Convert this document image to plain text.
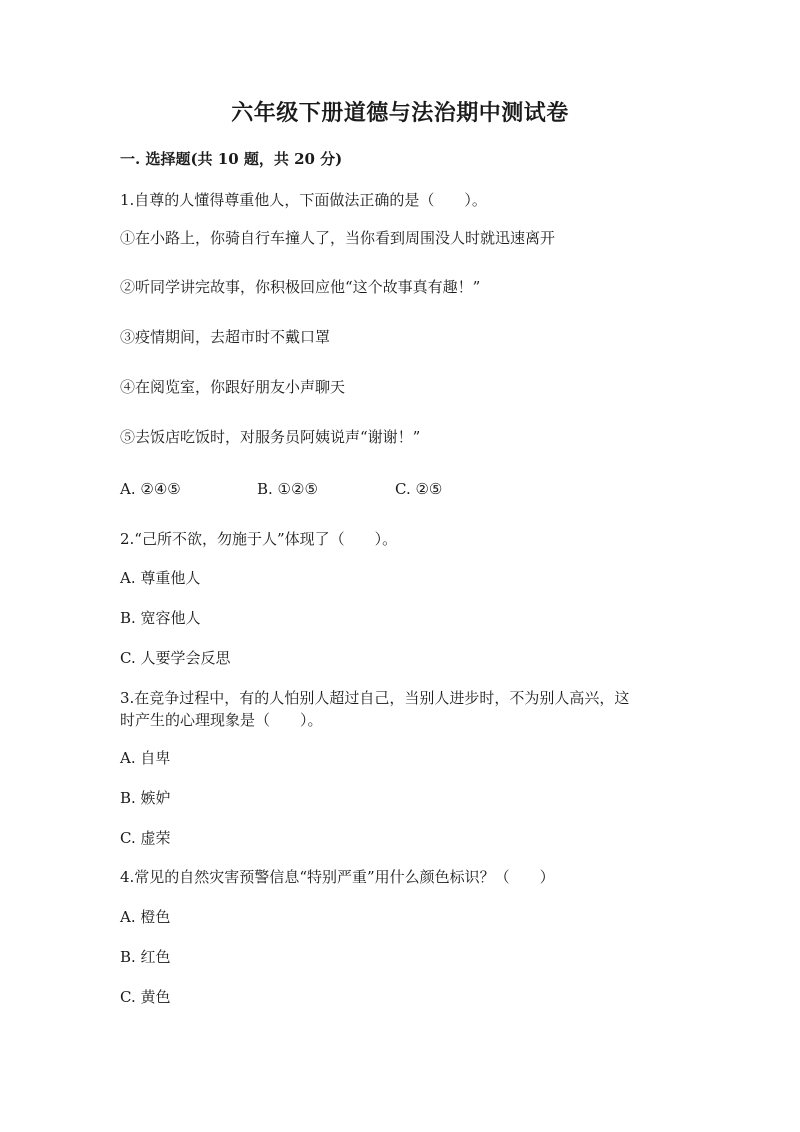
六年级下册道德与法治期中测试卷
一. 选择题(共 10 题，共 20 分)
1.自尊的人懂得尊重他人，下面做法正确的是（　　）。
①在小路上，你骑自行车撞人了，当你看到周围没人时就迅速离开
②听同学讲完故事，你积极回应他“这个故事真有趣！”
③疫情期间，去超市时不戴口罩
④在阅览室，你跟好朋友小声聊天
⑤去饭店吃饭时，对服务员阿姨说声“谢谢！”
A. ②④⑤	B. ①②⑤	C. ②⑤
2.“己所不欲，勿施于人”体现了（　　）。
A. 尊重他人
B. 宽容他人
C. 人要学会反思
3.在竞争过程中，有的人怕别人超过自己，当别人进步时，不为别人高兴，这
时产生的心理现象是（　　）。
A. 自卑
B. 嫉妒
C. 虚荣
4.常见的自然灾害预警信息“特别严重”用什么颜色标识？（　　）
A. 橙色
B. 红色
C. 黄色
